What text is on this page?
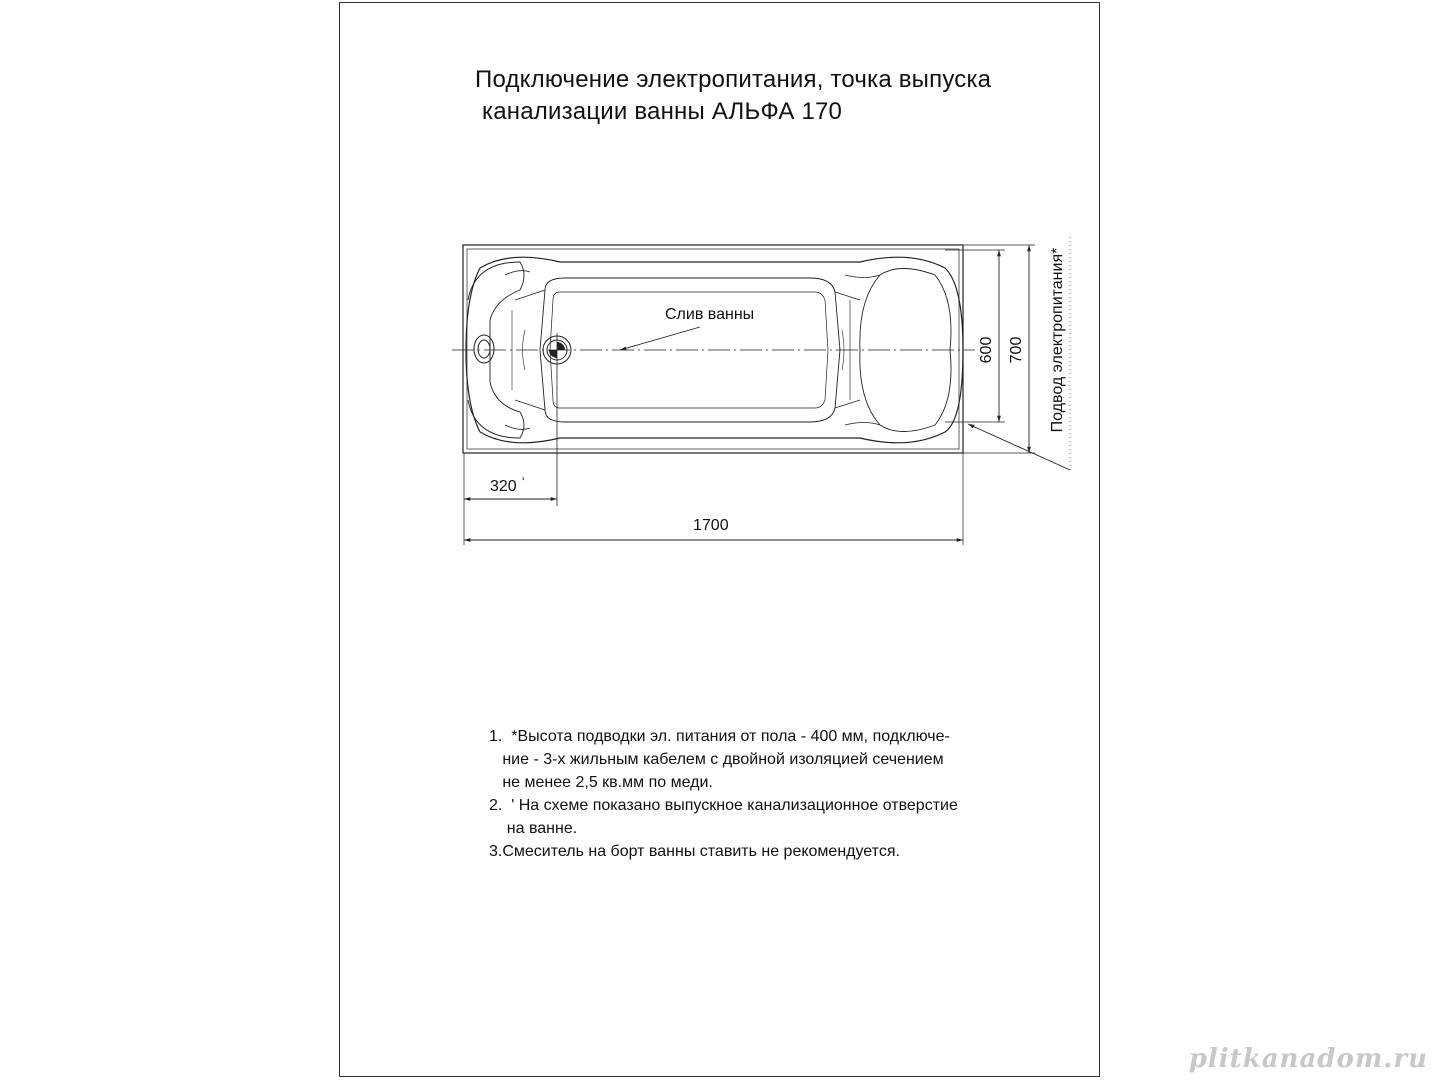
Подключение электропитания, точка выпуска
канализации ванны АЛЬФА 170
Слив ванны
320 '
1700
600 700 Подвод электропитания*
1.  *Высота подводки эл. питания от пола - 400 мм, подключе-
ние - 3-х жильным кабелем с двойной изоляцией сечением
не менее 2,5 кв.мм по меди.
2.  ' На схеме показано выпускное канализационное отверстие
на ванне.
3.Смеситель на борт ванны ставить не рекомендуется.
plitkanadom.ru
